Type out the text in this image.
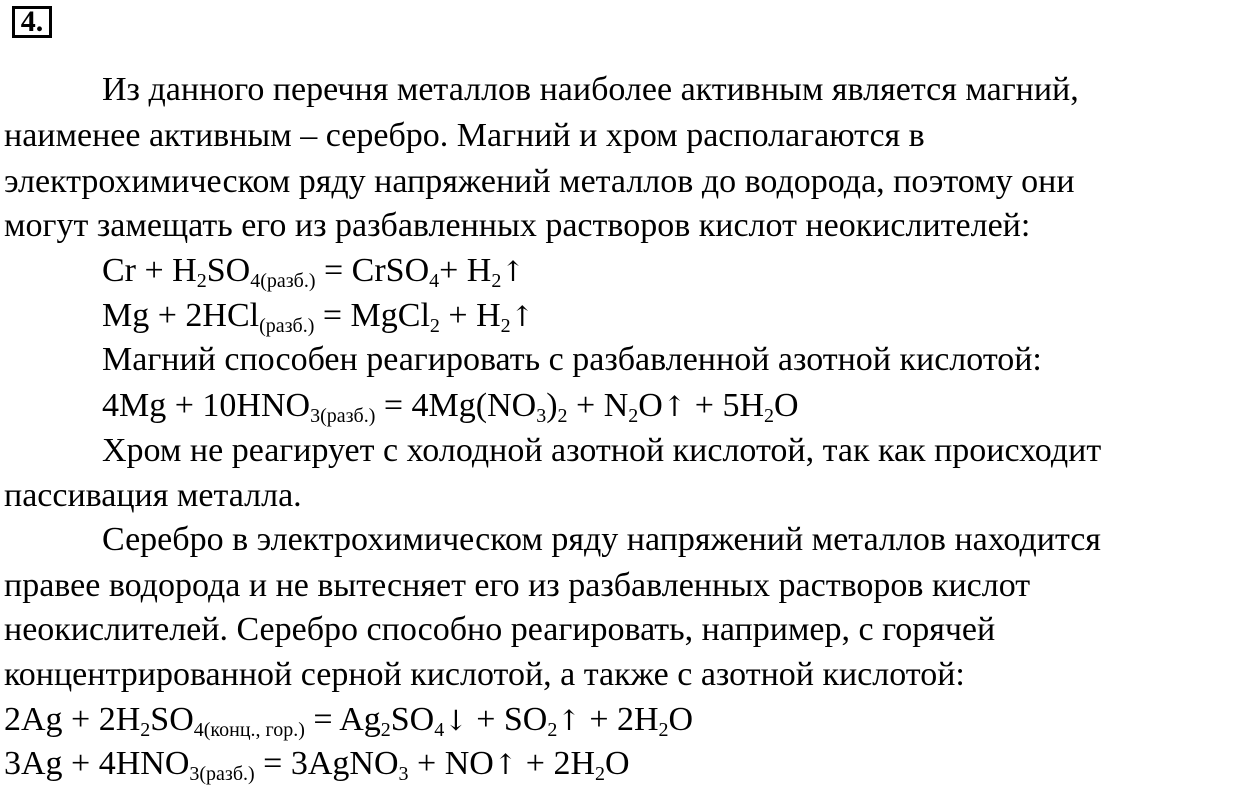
4.
Из данного перечня металлов наиболее активным является магний,
наименее активным – серебро. Магний и хром располагаются в
электрохимическом ряду напряжений металлов до водорода, поэтому они
могут замещать его из разбавленных растворов кислот неокислителей:
$Cr + H_2SO_{4(разб.)}$ = CrSO$_4$+ $H_2↑$
Mg + 2HCl$_{(разб.)}$ = MgCl$_2$ + $H_2↑$
Магний способен реагировать с разбавленной азотной кислотой:
$4Mg + 10HNO_{3(разб.)} = 4Mg(NO_3)_2$ + $N_2O↑ + 5H_2O$
Хром не реагирует с холодной азотной кислотой, так как происходит
пассивация металла.
Серебро в электрохимическом ряду напряжений металлов находится
правее водорода и не вытесняет его из разбавленных растворов кислот
неокислителей. Серебро способно реагировать, например, с горячей
концентрированной серной кислотой, а также с азотной кислотой:
$2Ag + 2H_2SO_{4(конц., гор.)}$ = $Ag_2SO_4↓$ + $SO_2↑ + 2H_2O$
$3Ag + 4HNO_{3(разб.)}$ = 3AgNO$_3$ + NO↑ + $2H_2O$
